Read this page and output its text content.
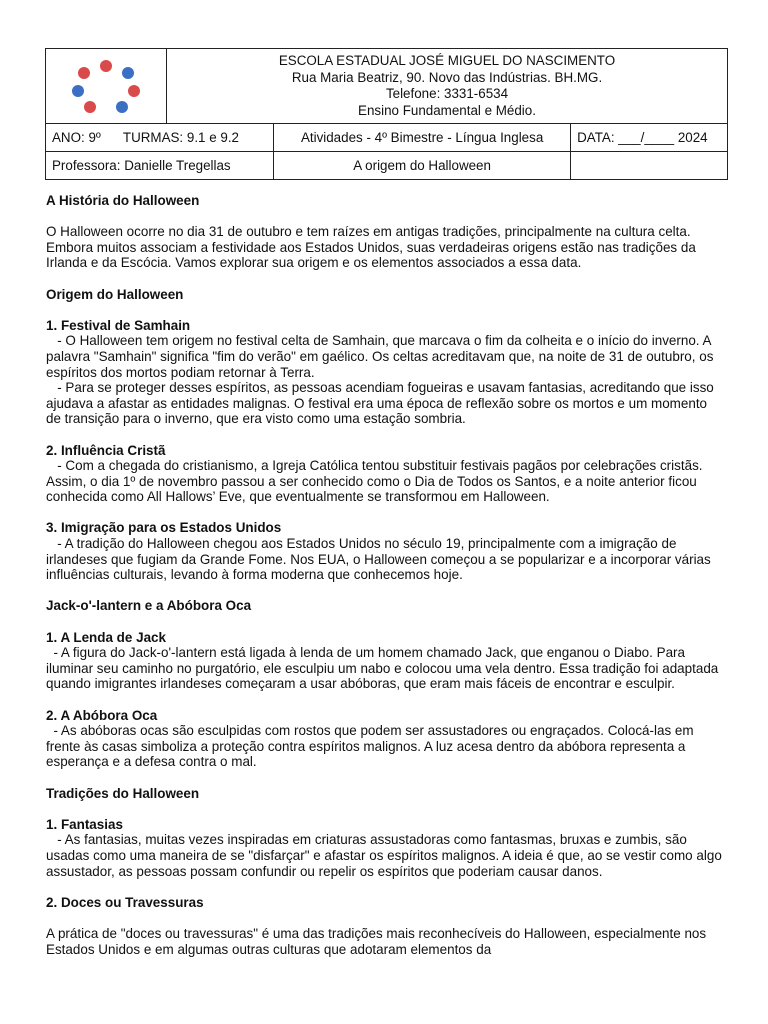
ESCOLA ESTADUAL JOSÉ MIGUEL DO NASCIMENTO
Rua Maria Beatriz, 90. Novo das Indústrias. BH.MG.
Telefone: 3331-6534
Ensino Fundamental e Médio.		

ANO: 9º TURMAS: 9.1 e 9.2		Atividades - 4º Bimestre - Língua Inglesa	DATA: ___/____ 2024
Professora: Danielle Tregellas		A origem do Halloween	

A História do Halloween

O Halloween ocorre no dia 31 de outubro e tem raízes em antigas tradições, principalmente na cultura celta. Embora muitos associam a festividade aos Estados Unidos, suas verdadeiras origens estão nas tradições da Irlanda e da Escócia. Vamos explorar sua origem e os elementos associados a essa data.

Origem do Halloween

1. Festival de Samhain

- O Halloween tem origem no festival celta de Samhain, que marcava o fim da colheita e o início do inverno. A palavra "Samhain" significa "fim do verão" em gaélico. Os celtas acreditavam que, na noite de 31 de outubro, os espíritos dos mortos podiam retornar à Terra.

- Para se proteger desses espíritos, as pessoas acendiam fogueiras e usavam fantasias, acreditando que isso ajudava a afastar as entidades malignas. O festival era uma época de reflexão sobre os mortos e um momento de transição para o inverno, que era visto como uma estação sombria.

2. Influência Cristã

- Com a chegada do cristianismo, a Igreja Católica tentou substituir festivais pagãos por celebrações cristãs. Assim, o dia 1º de novembro passou a ser conhecido como o Dia de Todos os Santos, e a noite anterior ficou conhecida como All Hallows’ Eve, que eventualmente se transformou em Halloween.

3. Imigração para os Estados Unidos

- A tradição do Halloween chegou aos Estados Unidos no século 19, principalmente com a imigração de irlandeses que fugiam da Grande Fome. Nos EUA, o Halloween começou a se popularizar e a incorporar várias influências culturais, levando à forma moderna que conhecemos hoje.

Jack-o'-lantern e a Abóbora Oca

1. A Lenda de Jack

- A figura do Jack-o'-lantern está ligada à lenda de um homem chamado Jack, que enganou o Diabo. Para iluminar seu caminho no purgatório, ele esculpiu um nabo e colocou uma vela dentro. Essa tradição foi adaptada quando imigrantes irlandeses começaram a usar abóboras, que eram mais fáceis de encontrar e esculpir.

2. A Abóbora Oca

- As abóboras ocas são esculpidas com rostos que podem ser assustadores ou engraçados. Colocá-las em frente às casas simboliza a proteção contra espíritos malignos. A luz acesa dentro da abóbora representa a esperança e a defesa contra o mal.

Tradições do Halloween

1. Fantasias

- As fantasias, muitas vezes inspiradas em criaturas assustadoras como fantasmas, bruxas e zumbis, são usadas como uma maneira de se "disfarçar" e afastar os espíritos malignos. A ideia é que, ao se vestir como algo assustador, as pessoas possam confundir ou repelir os espíritos que poderiam causar danos.

2. Doces ou Travessuras

A prática de "doces ou travessuras" é uma das tradições mais reconhecíveis do Halloween, especialmente nos Estados Unidos e em algumas outras culturas que adotaram elementos da
